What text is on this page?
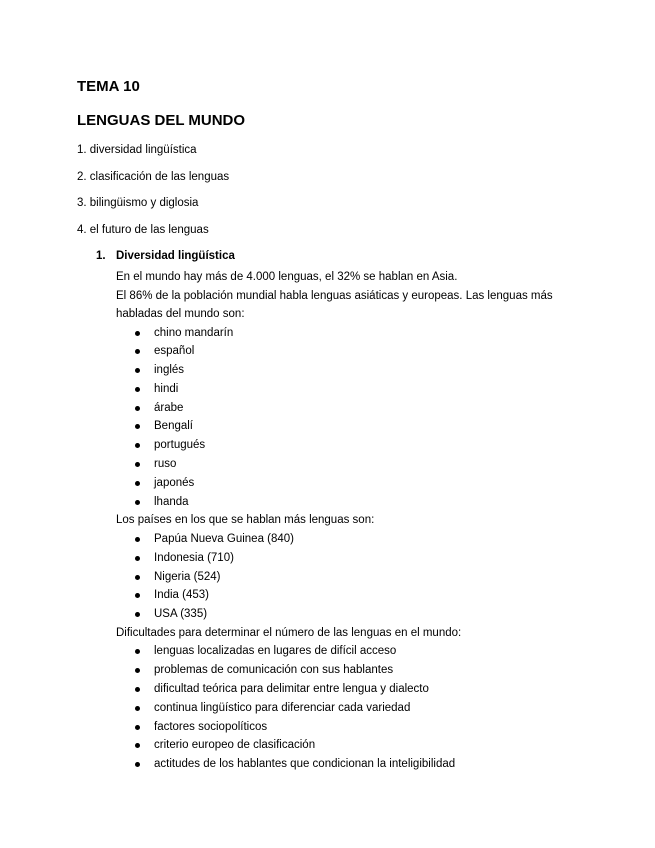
TEMA 10
LENGUAS DEL MUNDO

1. diversidad lingüística

2. clasificación de las lenguas

3. bilingüismo y diglosia

4. el futuro de las lenguas

1. Diversidad lingüística

En el mundo hay más de 4.000 lenguas, el 32% se hablan en Asia.

El 86% de la población mundial habla lenguas asiáticas y europeas. Las lenguas más habladas del mundo son:

chino mandarín
español
inglés
hindi
árabe
Bengalí
portugués
ruso
japonés
lhanda

Los países en los que se hablan más lenguas son:

Papúa Nueva Guinea (840)
Indonesia (710)
Nigeria (524)
India (453)
USA (335)

Dificultades para determinar el número de las lenguas en el mundo:

lenguas localizadas en lugares de difícil acceso
problemas de comunicación con sus hablantes
dificultad teórica para delimitar entre lengua y dialecto
continua lingüístico para diferenciar cada variedad
factores sociopolíticos
criterio europeo de clasificación
actitudes de los hablantes que condicionan la inteligibilidad
